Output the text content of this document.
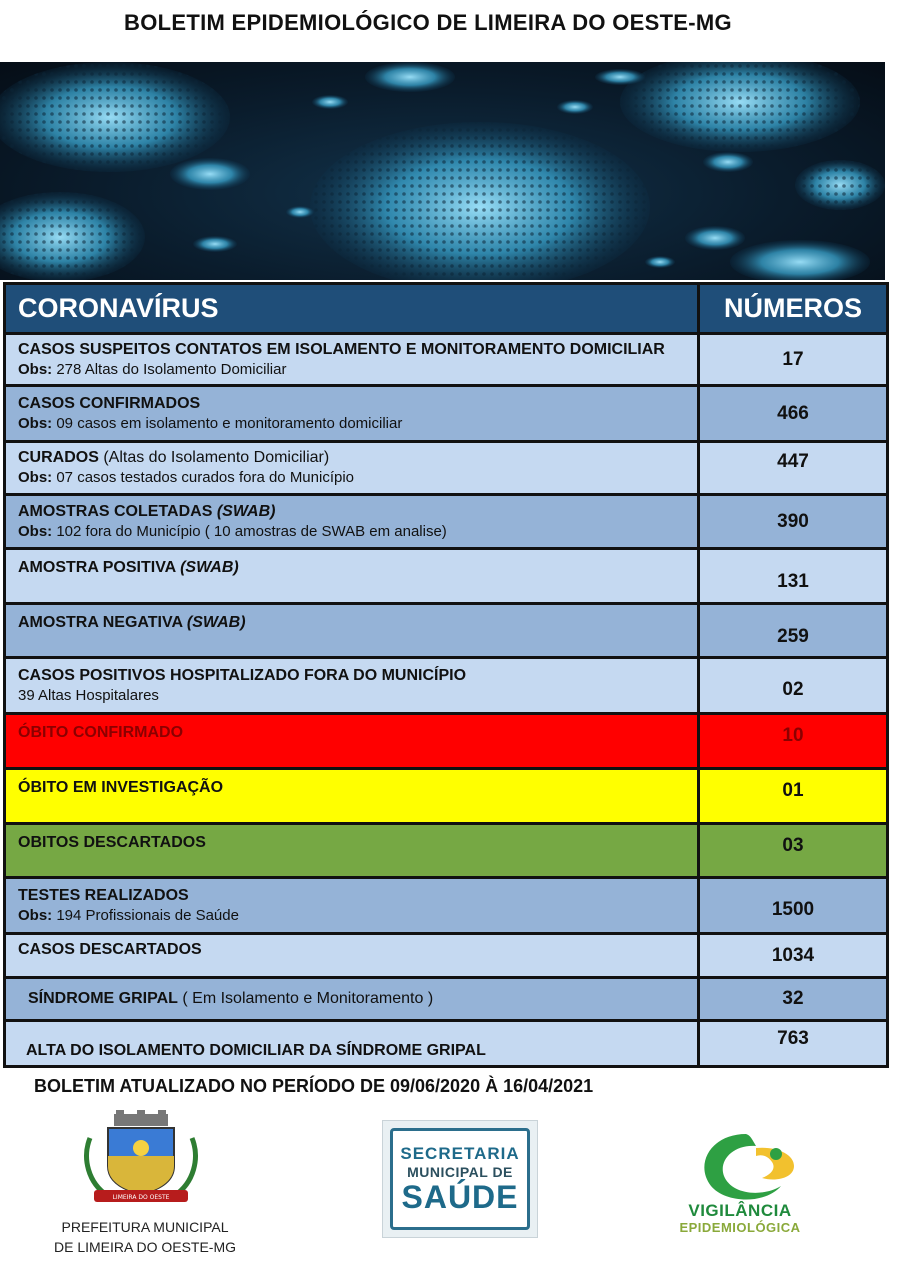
BOLETIM EPIDEMIOLÓGICO DE LIMEIRA DO OESTE-MG
CORONAVÍRUS	NÚMEROS

CASOS SUSPEITOS CONTATOS EM ISOLAMENTO E MONITORAMENTO DOMICILIAR
Obs: 278 Altas do Isolamento Domiciliar	17

CASOS CONFIRMADOS
Obs: 09 casos em isolamento e monitoramento domiciliar	466

CURADOS (Altas do Isolamento Domiciliar)
Obs: 07 casos testados curados fora do Município	447

AMOSTRAS COLETADAS (SWAB)
Obs: 102 fora do Município ( 10 amostras de SWAB em analise)	390
AMOSTRA POSITIVA (SWAB)	131
AMOSTRA NEGATIVA (SWAB)	259

CASOS POSITIVOS HOSPITALIZADO FORA DO MUNICÍPIO
39 Altas Hospitalares	02
ÓBITO CONFIRMADO	10
ÓBITO EM INVESTIGAÇÃO	01
OBITOS DESCARTADOS	03

TESTES REALIZADOS
Obs: 194 Profissionais de Saúde	1500
CASOS DESCARTADOS	1034
SÍNDROME GRIPAL ( Em Isolamento e Monitoramento )	32
ALTA DO ISOLAMENTO DOMICILIAR DA SÍNDROME GRIPAL	763
BOLETIM ATUALIZADO NO PERÍODO DE 09/06/2020 À 16/04/2021
LIMEIRA DO OESTE
PREFEITURA MUNICIPAL
DE LIMEIRA DO OESTE-MG
SECRETARIA
MUNICIPAL DE
SAÚDE	VIGILÂNCIA
EPIDEMIOLÓGICA
